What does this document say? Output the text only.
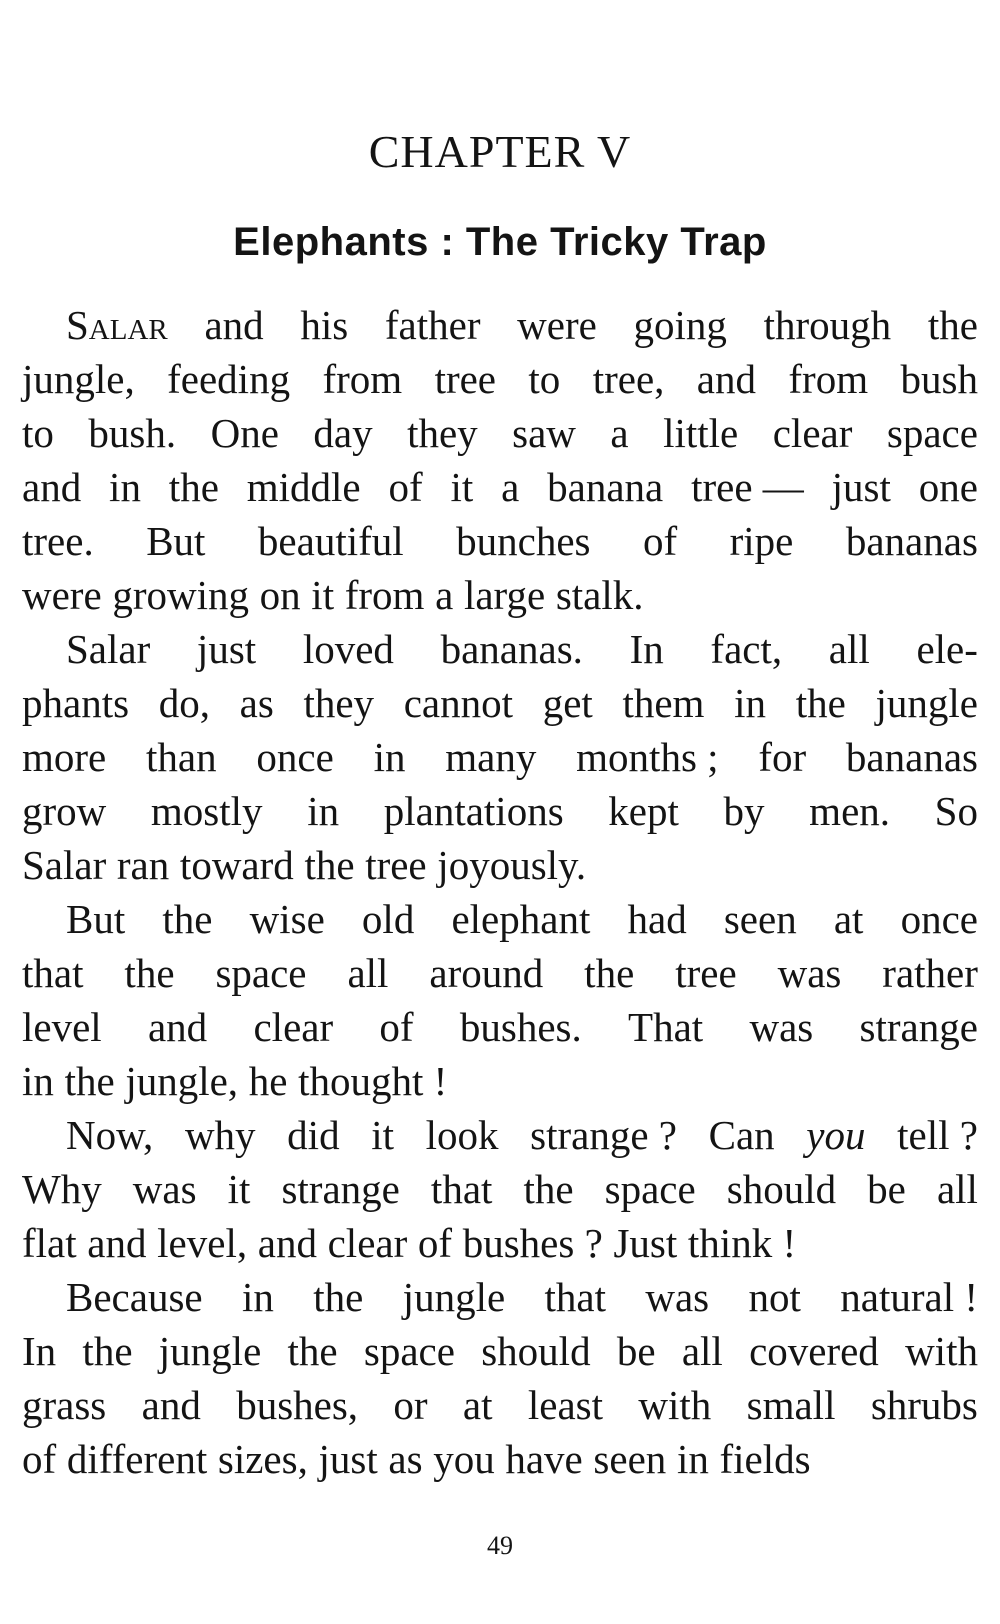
CHAPTER V
Elephants : The Tricky Trap
Salar and his father were going through the
jungle, feeding from tree to tree, and from bush
to bush. One day they saw a little clear space
and in the middle of it a banana tree — just one
tree. But beautiful bunches of ripe bananas
were growing on it from a large stalk.
Salar just loved bananas. In fact, all ele-
phants do, as they cannot get them in the jungle
more than once in many months ; for bananas
grow mostly in plantations kept by men. So
Salar ran toward the tree joyously.
But the wise old elephant had seen at once
that the space all around the tree was rather
level and clear of bushes. That was strange
in the jungle, he thought !
Now, why did it look strange ? Can you tell ?
Why was it strange that the space should be all
flat and level, and clear of bushes ? Just think !
Because in the jungle that was not natural !
In the jungle the space should be all covered with
grass and bushes, or at least with small shrubs
of different sizes, just as you have seen in fields
49
